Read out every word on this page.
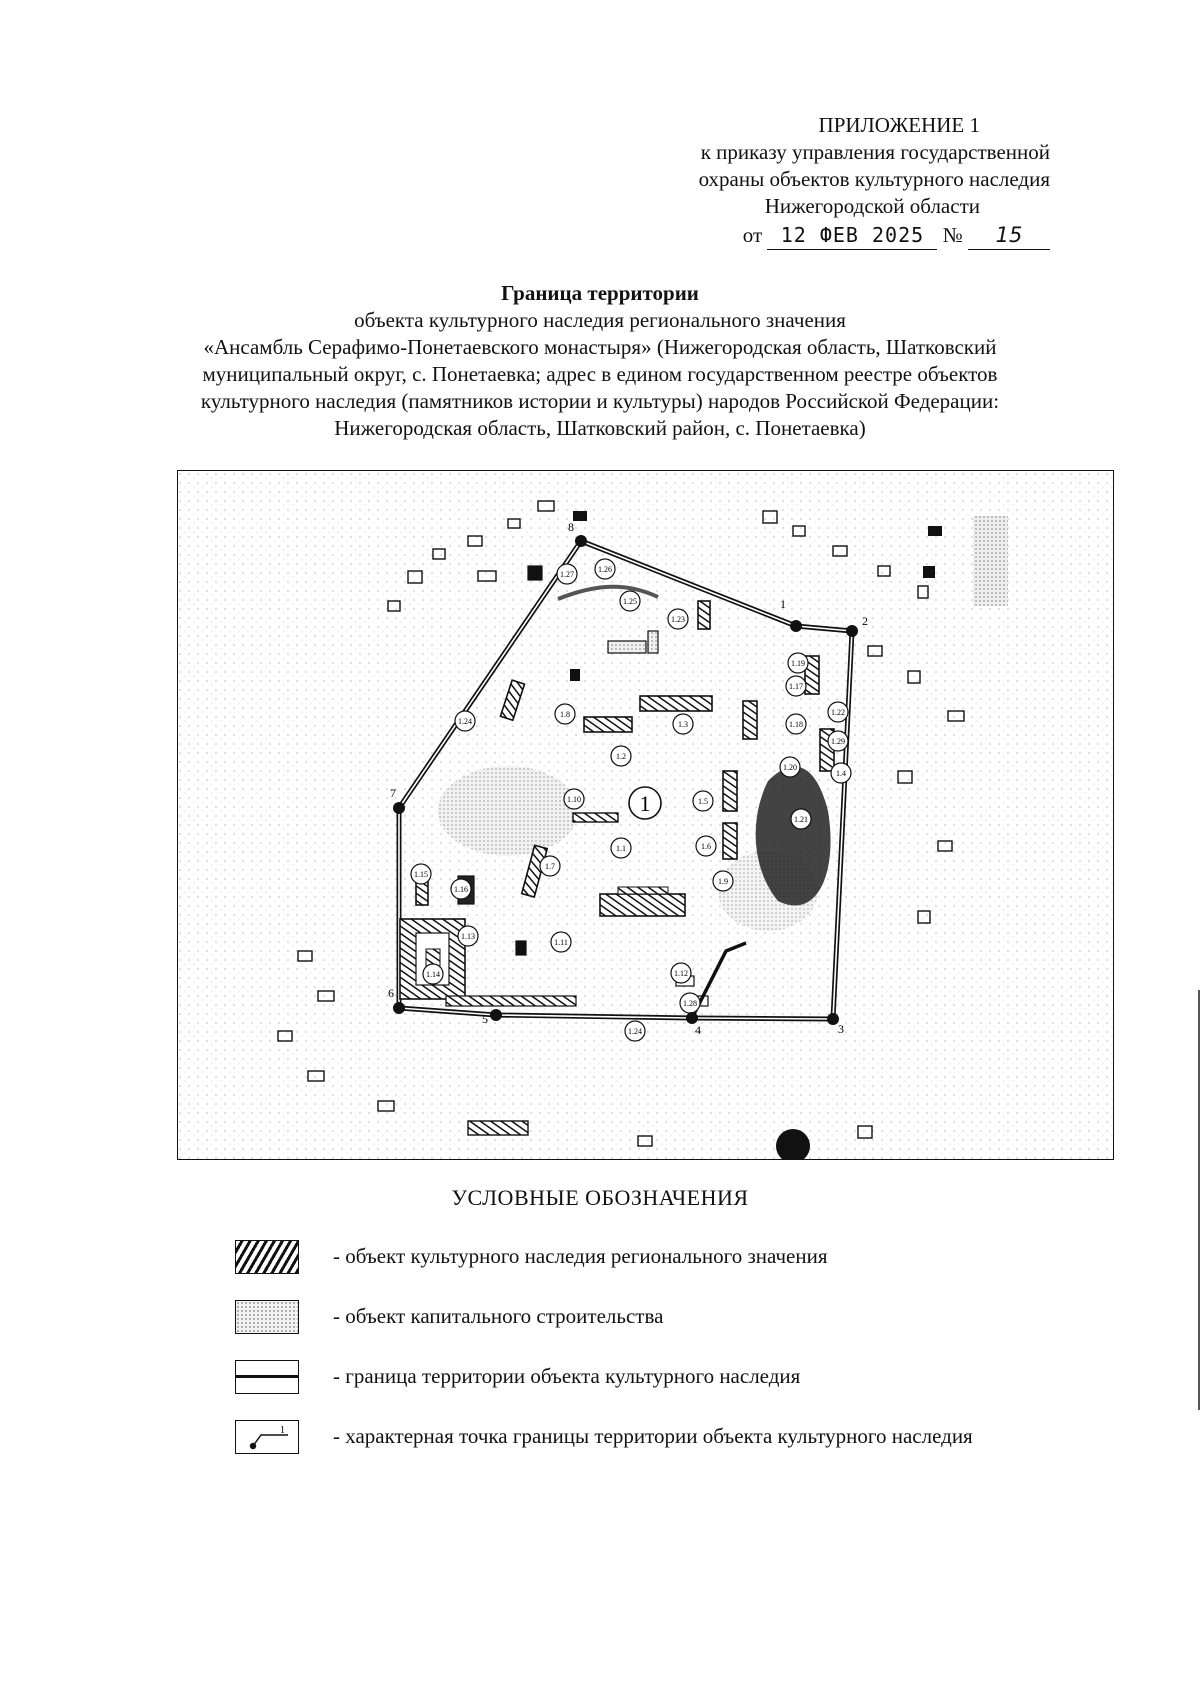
ПРИЛОЖЕНИЕ 1
к приказу управления государственной
охраны объектов культурного наследия
Нижегородской области
от 12 ФЕВ 2025 № 15
Граница территории
объекта культурного наследия регионального значения
«Ансамбль Серафимо-Понетаевского монастыря» (Нижегородская область, Шатковский
муниципальный округ, с. Понетаевка; адрес в едином государственном реестре объектов
культурного наследия (памятников истории и культуры) народов Российской Федерации:
Нижегородская область, Шатковский район, с. Понетаевка)
1.1
1.2
1.3
1.4
1.5
1.6
1.7
1.8
1.9
1.10
1.11
1.12
1.13
1.14
1.15
1.16
1.17
1.18
1.19
1.20
1.21
1.22
1.23
1.24
1.25
1.26
1.27
1.28
1.29
1.24
1
1
2
3
4
5
6
7
8
УСЛОВНЫЕ ОБОЗНАЧЕНИЯ
- объект культурного наследия регионального значения
- объект капитального строительства
- граница территории объекта культурного наследия
1 - характерная точка границы территории объекта культурного наследия
